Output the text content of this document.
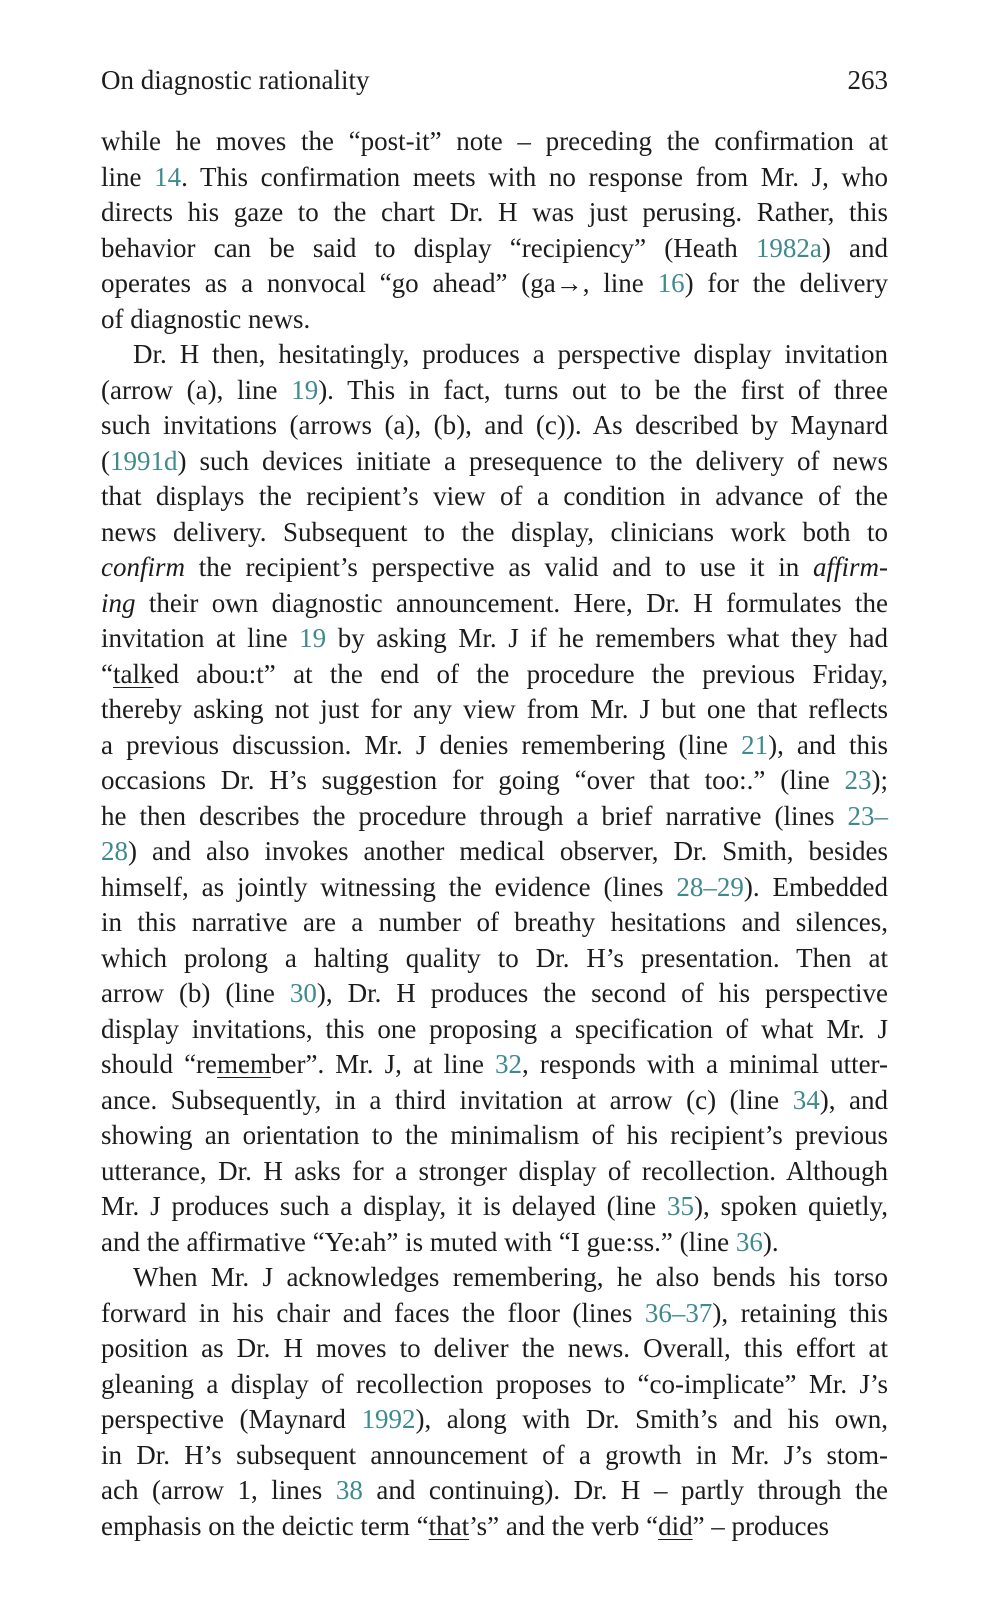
On diagnostic rationality	263
while he moves the “post-it” note – preceding the confirmation at
line 14. This confirmation meets with no response from Mr. J, who
directs his gaze to the chart Dr. H was just perusing. Rather, this
behavior can be said to display “recipiency” (Heath 1982a) and
operates as a nonvocal “go ahead” (ga→, line 16) for the delivery
of diagnostic news.
Dr. H then, hesitatingly, produces a perspective display invitation
(arrow (a), line 19). This in fact, turns out to be the first of three
such invitations (arrows (a), (b), and (c)). As described by Maynard
(1991d) such devices initiate a presequence to the delivery of news
that displays the recipient’s view of a condition in advance of the
news delivery. Subsequent to the display, clinicians work both to
confirm the recipient’s perspective as valid and to use it in affirm-
ing their own diagnostic announcement. Here, Dr. H formulates the
invitation at line 19 by asking Mr. J if he remembers what they had
“talked abou:t” at the end of the procedure the previous Friday,
thereby asking not just for any view from Mr. J but one that reflects
a previous discussion. Mr. J denies remembering (line 21), and this
occasions Dr. H’s suggestion for going “over that too:.” (line 23);
he then describes the procedure through a brief narrative (lines 23–
28) and also invokes another medical observer, Dr. Smith, besides
himself, as jointly witnessing the evidence (lines 28–29). Embedded
in this narrative are a number of breathy hesitations and silences,
which prolong a halting quality to Dr. H’s presentation. Then at
arrow (b) (line 30), Dr. H produces the second of his perspective
display invitations, this one proposing a specification of what Mr. J
should “remember”. Mr. J, at line 32, responds with a minimal utter-
ance. Subsequently, in a third invitation at arrow (c) (line 34), and
showing an orientation to the minimalism of his recipient’s previous
utterance, Dr. H asks for a stronger display of recollection. Although
Mr. J produces such a display, it is delayed (line 35), spoken quietly,
and the affirmative “Ye:ah” is muted with “I gue:ss.” (line 36).
When Mr. J acknowledges remembering, he also bends his torso
forward in his chair and faces the floor (lines 36–37), retaining this
position as Dr. H moves to deliver the news. Overall, this effort at
gleaning a display of recollection proposes to “co-implicate” Mr. J’s
perspective (Maynard 1992), along with Dr. Smith’s and his own,
in Dr. H’s subsequent announcement of a growth in Mr. J’s stom-
ach (arrow 1, lines 38 and continuing). Dr. H – partly through the
emphasis on the deictic term “that’s” and the verb “did” – produces
